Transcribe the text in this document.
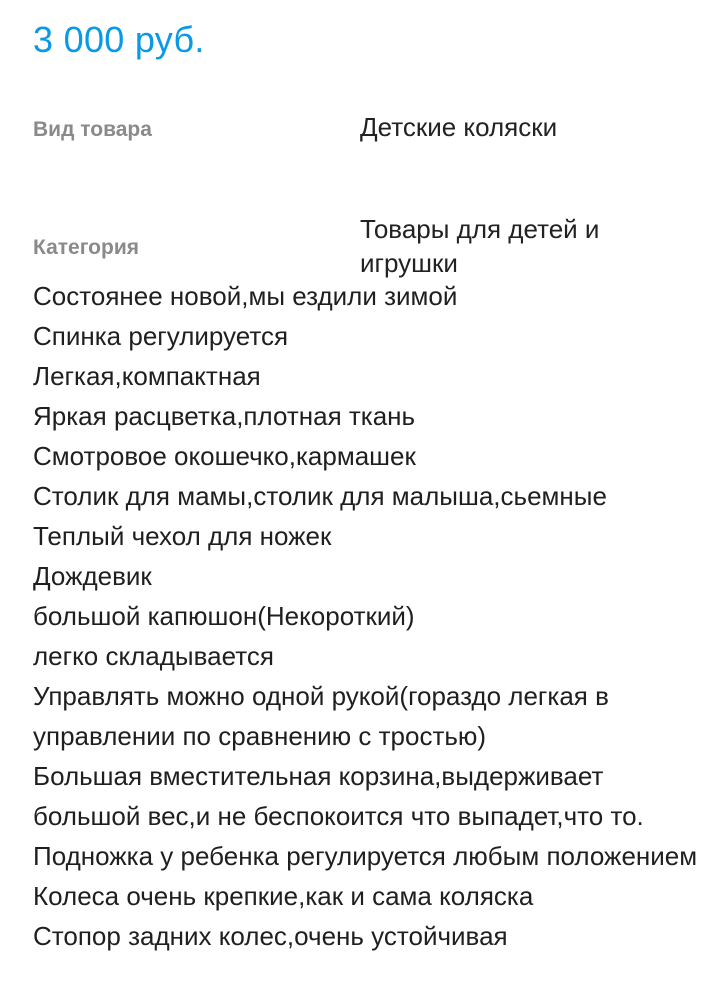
3 000 руб.
Вид товара	Детские коляски
Категория
Товары для детей и игрушки
Состоянее новой,мы ездили зимой
Спинка регулируется
Легкая,компактная
Яркая расцветка,плотная ткань
Смотровое окошечко,кармашек
Столик для мамы,столик для малыша,сьемные
Теплый чехол для ножек
Дождевик
большой капюшон(Некороткий)
легко складывается
Управлять можно одной рукой(гораздо легкая в управлении по сравнению с тростью)
Большая вместительная корзина,выдерживает большой вес,и не беспокоится что выпадет,что то.
Подножка у ребенка регулируется любым положением
Колеса очень крепкие,как и сама коляска
Стопор задних колес,очень устойчивая
